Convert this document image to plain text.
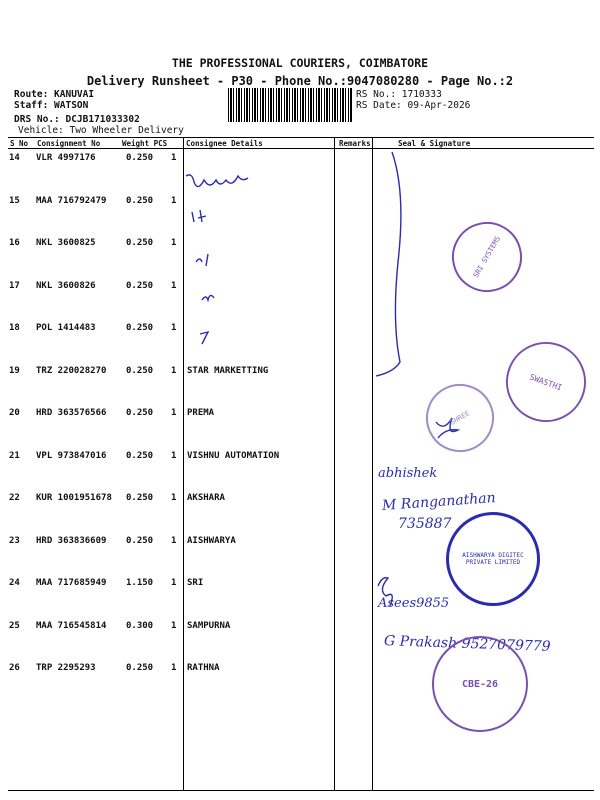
THE PROFESSIONAL COURIERS, COIMBATORE
Delivery Runsheet - P30 - Phone No.:9047080280 - Page No.:2
Route: KANUVAI
Staff: WATSON
DRS No.: DCJB171033302
Vehicle: Two Wheeler Delivery
RS No.: 1710333
RS Date: 09-Apr-2026
S No Consignment No	Weight PCS	Consignee Details	Remarks	Seal & Signature
14 VLR 4997176	0.250 1
15 MAA 716792479 0.250 1
16 NKL 3600825	0.250 1
17 NKL 3600826	0.250 1
18 POL 1414483	0.250 1
19 TRZ 220028270 0.250 1 STAR MARKETTING
20 HRD 363576566 0.250 1 PREMA
21 VPL 973847016 0.250 1 VISHNU AUTOMATION
22 KUR 1001951678 0.250 1 AKSHARA
23 HRD 363836609 0.250 1 AISHWARYA
24 MAA 717685949 1.150 1 SRI
25 MAA 716545814 0.300 1 SAMPURNA
26 TRP 2295293	0.250 1 RATHNA
abhishek
M Ranganathan
735887
Asees9855
G Prakash 9527079779
SRI SYSTEMS
SWASTHI
SHREE
AISHWARYA DIGITEC PRIVATE LIMITED
CBE-26
